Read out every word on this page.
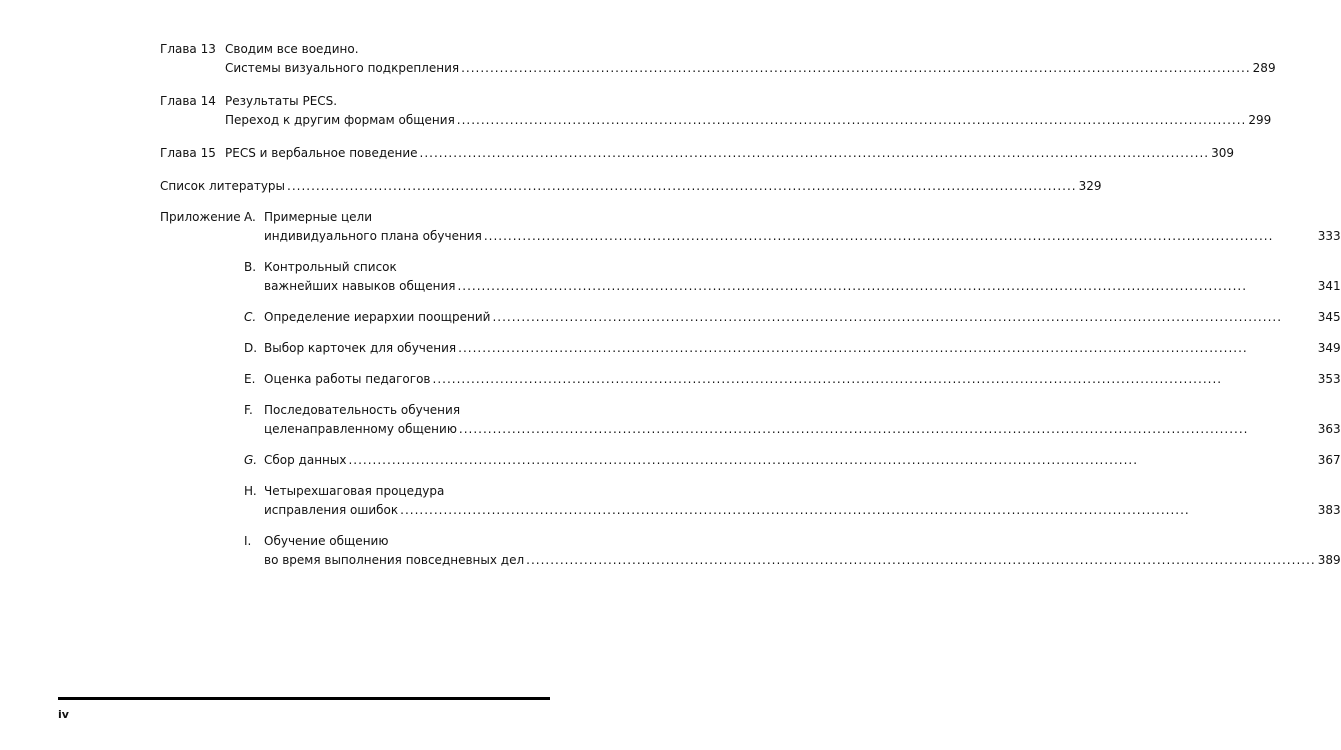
Глава 13 Сводим все воедино.
Системы визуального подкрепления .....	289
Глава 14 Результаты PECS.
Переход к другим формам общения .....	299
Глава 15 PECS и вербальное поведение .....	309
Список литературы .....	329
Приложение A. Примерные цели
индивидуального плана обучения .....	333
B. Контрольный список
важнейших навыков общения .....	341
C. Определение иерархии поощрений .....	345
D. Выбор карточек для обучения .....	349
E. Оценка работы педагогов .....	353
F. Последовательность обучения
целенаправленному общению .....	363
G. Сбор данных .....	367
H. Четырехшаговая процедура
исправления ошибок .....	383
I.	Обучение общению
во время выполнения повседневных дел .....	389
iv
